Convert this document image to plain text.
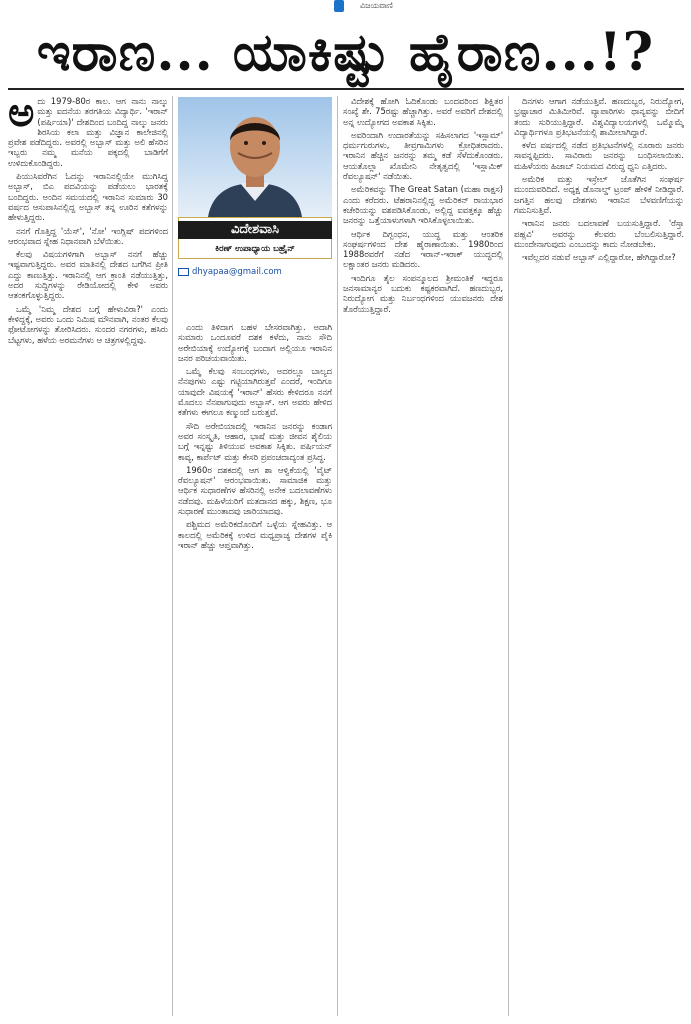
ವಿಜಯವಾಣಿ
ಇರಾಣ... ಯಾಕಿಷ್ಟು ಹೈರಾಣ...!?
ಅ ದು 1979-80ರ ಕಾಲ. ಆಗ ನಾನು ನಾಲ್ಕು ಮತ್ತು ಐದನೆಯ ತರಗತಿಯ ವಿದ್ಯಾರ್ಥಿ. 'ಇರಾನ್ (ಪರ್ಷಿಯಾ)' ದೇಶದಿಂದ ಬಂದಿದ್ದ ನಾಲ್ಕು ಜನರು ಶಿರಸಿಯ ಕಲಾ ಮತ್ತು ವಿಜ್ಞಾನ ಕಾಲೇಜಿನಲ್ಲಿ ಪ್ರವೇಶ ಪಡೆದಿದ್ದರು. ಅವರಲ್ಲಿ ಅಬ್ಬಾಸ್ ಮತ್ತು ಅಲಿ ಹೆಸರಿನ ಇಬ್ಬರು ನಮ್ಮ ಮನೆಯ ಪಕ್ಕದಲ್ಲಿ ಬಾಡಿಗೆಗೆ ಉಳಿದುಕೊಂಡಿದ್ದರು.

ಪಿಯುಸಿವರೆಗಿನ ಓದನ್ನು ಇರಾನಿನಲ್ಲಿಯೇ ಮುಗಿಸಿದ್ದ ಅಬ್ಬಾಸ್, ಬಿಎ ಪದವಿಯನ್ನು ಪಡೆಯಲು ಭಾರತಕ್ಕೆ ಬಂದಿದ್ದರು. ಅಂದಿನ ಸಮಯದಲ್ಲಿ ಇರಾನಿನ ಸುಮಾರು 30 ವರ್ಷದ ಆಸುಪಾಸಿನಲ್ಲಿದ್ದ ಅಬ್ಬಾಸ್ ತನ್ನ ಊರಿನ ಕತೆಗಳನ್ನು ಹೇಳುತ್ತಿದ್ದರು.

ನನಗೆ ಗೊತ್ತಿದ್ದ 'ಯೆಸ್', 'ನೋ' ಇಂಗ್ಲಿಷ್ ಪದಗಳಿಂದ ಆರಂಭವಾದ ಸ್ನೇಹ ನಿಧಾನವಾಗಿ ಬೆಳೆಯಿತು.

ಕೆಲವು ವಿಷಯಗಳಿಗಾಗಿ ಅಬ್ಬಾಸ್ ನನಗೆ ಹೆಚ್ಚು ಇಷ್ಟವಾಗುತ್ತಿದ್ದರು. ಅವರ ಮಾತಿನಲ್ಲಿ ದೇಶದ ಬಗೆಗಿನ ಪ್ರೀತಿ ಎದ್ದು ಕಾಣುತ್ತಿತ್ತು. ಇರಾನಿನಲ್ಲಿ ಆಗ ಕ್ರಾಂತಿ ನಡೆಯುತ್ತಿತ್ತು, ಅದರ ಸುದ್ದಿಗಳನ್ನು ರೇಡಿಯೋದಲ್ಲಿ ಕೇಳಿ ಅವರು ಆತಂಕಗೊಳ್ಳುತ್ತಿದ್ದರು.

ಒಮ್ಮೆ 'ನಿಮ್ಮ ದೇಶದ ಬಗ್ಗೆ ಹೇಳುವಿರಾ?' ಎಂದು ಕೇಳಿದ್ದಕ್ಕೆ, ಅವರು ಒಂದು ನಿಮಿಷ ಮೌನವಾಗಿ, ನಂತರ ಕೆಲವು ಫೋಟೋಗಳನ್ನು ತೋರಿಸಿದರು. ಸುಂದರ ನಗರಗಳು, ಹಸಿರು ಬೆಟ್ಟಗಳು, ಹಳೆಯ ಅರಮನೆಗಳು ಆ ಚಿತ್ರಗಳಲ್ಲಿದ್ದವು.

ವಿದೇಶವಾಸಿ
ಕಿರಣ್ ಉಪಾಧ್ಯಾಯ ಬಹ್ರೈನ್
dhyapaa@gmail.com

ಎಂದು ತಿಳಿದಾಗ ಬಹಳ ಬೇಸರವಾಗಿತ್ತು. ಅದಾಗಿ ಸುಮಾರು ಒಂದೂವರೆ ದಶಕ ಕಳೆದು, ನಾನು ಸೌದಿ ಅರೇಬಿಯಾಕ್ಕೆ ಉದ್ಯೋಗಕ್ಕೆ ಬಂದಾಗ ಅಲ್ಲಿಯೂ ಇರಾನಿನ ಜನರ ಪರಿಚಯವಾಯಿತು.

ಒಮ್ಮೆ ಕೆಲವು ಸಂಬಂಧಗಳು, ಅದರಲ್ಲೂ ಬಾಲ್ಯದ ನೆನಪುಗಳು ಎಷ್ಟು ಗಟ್ಟಿಯಾಗಿರುತ್ತವೆ ಎಂದರೆ, ಇಂದಿಗೂ ಯಾವುದೇ ವಿಷಯಕ್ಕೆ 'ಇರಾನ್' ಹೆಸರು ಕೇಳಿದರೂ ನನಗೆ ಮೊದಲು ನೆನಪಾಗುವುದು ಅಬ್ಬಾಸ್. ಆಗ ಅವರು ಹೇಳಿದ ಕತೆಗಳು ಈಗಲೂ ಕಣ್ಮುಂದೆ ಬರುತ್ತವೆ.

ಸೌದಿ ಅರೇಬಿಯಾದಲ್ಲಿ ಇರಾನಿನ ಜನರನ್ನು ಕಂಡಾಗ ಅವರ ಸಂಸ್ಕೃತಿ, ಆಹಾರ, ಭಾಷೆ ಮತ್ತು ಜೀವನ ಶೈಲಿಯ ಬಗ್ಗೆ ಇನ್ನಷ್ಟು ತಿಳಿಯುವ ಅವಕಾಶ ಸಿಕ್ಕಿತು. ಪರ್ಷಿಯನ್ ಕಾವ್ಯ, ಕಾರ್ಪೆಟ್ ಮತ್ತು ಕೇಸರಿ ಪ್ರಪಂಚದಾದ್ಯಂತ ಪ್ರಸಿದ್ಧ.

1960ರ ದಶಕದಲ್ಲಿ ಆಗ ಶಾ ಆಳ್ವಿಕೆಯಲ್ಲಿ 'ವೈಟ್ ರೆವಲ್ಯೂಷನ್' ಆರಂಭವಾಯಿತು. ಸಾಮಾಜಿಕ ಮತ್ತು ಆರ್ಥಿಕ ಸುಧಾರಣೆಗಳ ಹೆಸರಿನಲ್ಲಿ ಅನೇಕ ಬದಲಾವಣೆಗಳು ನಡೆದವು. ಮಹಿಳೆಯರಿಗೆ ಮತದಾನದ ಹಕ್ಕು, ಶಿಕ್ಷಣ, ಭೂ ಸುಧಾರಣೆ ಮುಂತಾದವು ಜಾರಿಯಾದವು.

ಪಶ್ಚಿಮದ ಅಮೆರಿಕದೊಂದಿಗೆ ಒಳ್ಳೆಯ ಸ್ನೇಹವಿತ್ತು. ಆ ಕಾಲದಲ್ಲಿ ಅಮೆರಿಕಕ್ಕೆ ಉಳಿದ ಮಧ್ಯಪ್ರಾಚ್ಯ ದೇಶಗಳ ಪೈಕಿ ಇರಾನ್ ಹೆಚ್ಚು ಆಪ್ತವಾಗಿತ್ತು.

ವಿದೇಶಕ್ಕೆ ಹೋಗಿ ಓದಿಕೊಂಡು ಬಂದವರಿಂದ ಶಿಕ್ಷಿತರ ಸಂಖ್ಯೆ ಶೇ. 75ರಷ್ಟು ಹೆಚ್ಚಾಗಿತ್ತು. ಅವರೆ ಅವರಿಗೆ ದೇಶದಲ್ಲಿ ಅನ್ನ ಉದ್ಯೋಗದ ಅವಕಾಶ ಸಿಕ್ಕಿತು.

ಅವರಿಂದಾಗಿ ಉದಾರತೆಯನ್ನು ಸಹಿಸಲಾಗದ 'ಇಸ್ಲಾಮ್' ಧರ್ಮಗುರುಗಳು, ತೀವ್ರಗಾಮಿಗಳು ಕ್ರೋಧಿತರಾದರು. ಇರಾನಿನ ಹೆಚ್ಚಿನ ಜನರನ್ನು ತಮ್ಮ ಕಡೆ ಸೆಳೆದುಕೊಂಡರು. ಆಯತೊಲ್ಲಾ ಖೊಮೇನಿ ನೇತೃತ್ವದಲ್ಲಿ 'ಇಸ್ಲಾಮಿಕ್ ರೆವಲ್ಯೂಷನ್' ನಡೆಯಿತು.

ಅಮೆರಿಕವನ್ನು The Great Satan (ಮಹಾ ರಾಕ್ಷಸ) ಎಂದು ಕರೆದರು. ಟೆಹರಾನಿನಲ್ಲಿದ್ದ ಅಮೆರಿಕನ್ ರಾಯಭಾರ ಕಚೇರಿಯನ್ನು ವಶಪಡಿಸಿಕೊಂಡು, ಅಲ್ಲಿದ್ದ ಐವತ್ತಕ್ಕೂ ಹೆಚ್ಚು ಜನರನ್ನು ಒತ್ತೆಯಾಳುಗಳಾಗಿ ಇರಿಸಿಕೊಳ್ಳಲಾಯಿತು.

ಆರ್ಥಿಕ ದಿಗ್ಬಂಧನ, ಯುದ್ಧ ಮತ್ತು ಆಂತರಿಕ ಸಂಘರ್ಷಗಳಿಂದ ದೇಶ ಹೈರಾಣಾಯಿತು. 1980ರಿಂದ 1988ರವರೆಗೆ ನಡೆದ ಇರಾನ್-ಇರಾಕ್ ಯುದ್ಧದಲ್ಲಿ ಲಕ್ಷಾಂತರ ಜನರು ಮಡಿದರು.

ಇಂದಿಗೂ ತೈಲ ಸಂಪನ್ಮೂಲದ ಶ್ರೀಮಂತಿಕೆ ಇದ್ದರೂ ಜನಸಾಮಾನ್ಯರ ಬದುಕು ಕಷ್ಟಕರವಾಗಿದೆ. ಹಣದುಬ್ಬರ, ನಿರುದ್ಯೋಗ ಮತ್ತು ನಿರ್ಬಂಧಗಳಿಂದ ಯುವಜನರು ದೇಶ ತೊರೆಯುತ್ತಿದ್ದಾರೆ.

ದಿನಗಳು ಆಗಾಗ ನಡೆಯುತ್ತಿವೆ. ಹಣದುಬ್ಬರ, ನಿರುದ್ಯೋಗ, ಭ್ರಷ್ಟಾಚಾರ ಮಿತಿಮೀರಿವೆ. ವ್ಯಾಪಾರಿಗಳು ಧಾನ್ಯವನ್ನು ಬೀದಿಗೆ ತಂದು ಸುರಿಯುತ್ತಿದ್ದಾರೆ. ವಿಶ್ವವಿದ್ಯಾಲಯಗಳಲ್ಲಿ ಒಮ್ಮೊಮ್ಮೆ ವಿದ್ಯಾರ್ಥಿಗಳೂ ಪ್ರತಿಭಟನೆಯಲ್ಲಿ ಶಾಮೀಲಾಗಿದ್ದಾರೆ.

ಕಳೆದ ವರ್ಷದಲ್ಲಿ ನಡೆದ ಪ್ರತಿಭಟನೆಗಳಲ್ಲಿ ನೂರಾರು ಜನರು ಸಾವನ್ನಪ್ಪಿದರು. ಸಾವಿರಾರು ಜನರನ್ನು ಬಂಧಿಸಲಾಯಿತು. ಮಹಿಳೆಯರು ಹಿಜಾಬ್ ನಿಯಮದ ವಿರುದ್ಧ ಧ್ವನಿ ಎತ್ತಿದರು.

ಅಮೆರಿಕ ಮತ್ತು ಇಸ್ರೇಲ್ ಜೊತೆಗಿನ ಸಂಘರ್ಷ ಮುಂದುವರಿದಿದೆ. ಅಧ್ಯಕ್ಷ ಡೊನಾಲ್ಡ್ ಟ್ರಂಪ್ ಹೇಳಿಕೆ ನೀಡಿದ್ದಾರೆ. ಜಗತ್ತಿನ ಹಲವು ದೇಶಗಳು ಇರಾನಿನ ಬೆಳವಣಿಗೆಯನ್ನು ಗಮನಿಸುತ್ತಿವೆ.

ಇರಾನಿನ ಜನರು ಬದಲಾವಣೆ ಬಯಸುತ್ತಿದ್ದಾರೆ. 'ರೆಸ್ತಾ ಪಹ್ಲವಿ' ಅವರನ್ನು ಕೆಲವರು ಬೆಂಬಲಿಸುತ್ತಿದ್ದಾರೆ. ಮುಂದೇನಾಗುವುದು ಎಂಬುದನ್ನು ಕಾದು ನೋಡಬೇಕು.

ಇವೆಲ್ಲದರ ನಡುವೆ ಅಬ್ಬಾಸ್ ಎಲ್ಲಿದ್ದಾರೋ, ಹೇಗಿದ್ದಾರೋ?
